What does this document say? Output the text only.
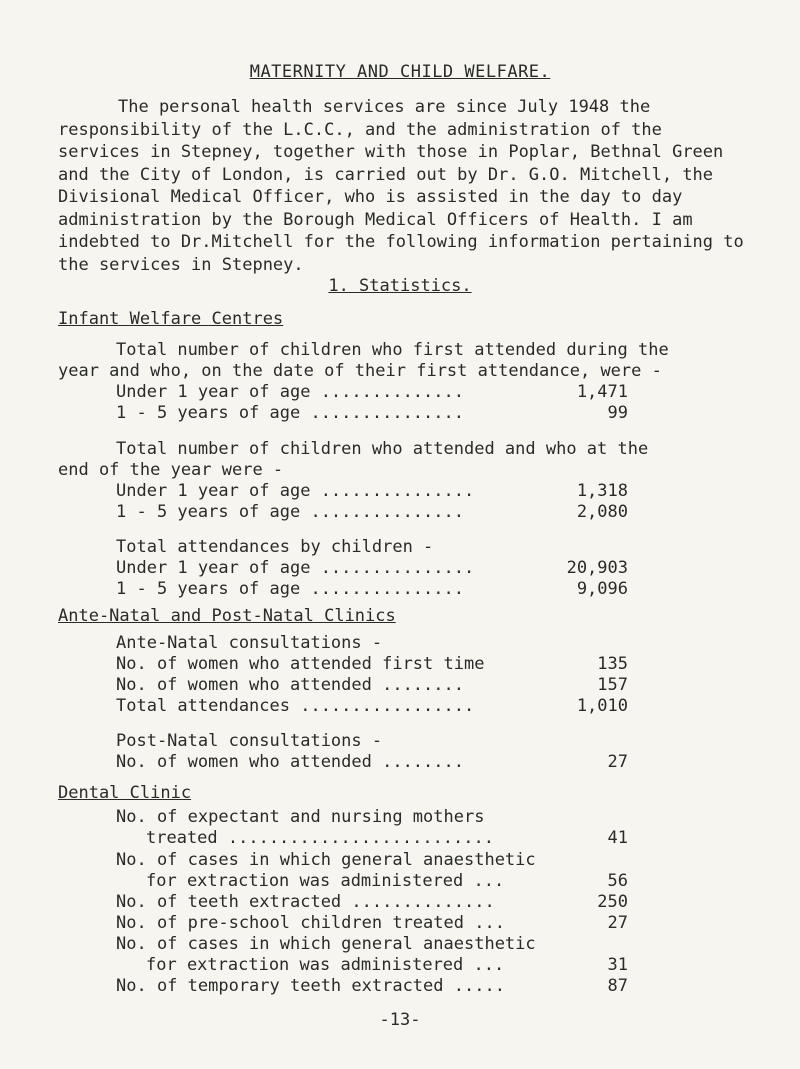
MATERNITY AND CHILD WELFARE.

The personal health services are since July 1948 the responsibility of the L.C.C., and the administration of the services in Stepney, together with those in Poplar, Bethnal Green and the City of London, is carried out by Dr. G.O. Mitchell, the Divisional Medical Officer, who is assisted in the day to day administration by the Borough Medical Officers of Health. I am indebted to Dr.Mitchell for the following information pertaining to the services in Stepney.

1. Statistics.
Infant Welfare Centres
Total number of children who first attended during the
year and who, on the date of their first attendance, were -
Under 1 year of age ..............	1,471
1 - 5 years of age ...............	99
Total number of children who attended and who at the
end of the year were -
Under 1 year of age ...............	1,318
1 - 5 years of age ...............	2,080
Total attendances by children -
Under 1 year of age ...............	20,903
1 - 5 years of age ...............	9,096
Ante-Natal and Post-Natal Clinics
Ante-Natal consultations -
No. of women who attended first time	135
No. of women who attended ........	157
Total attendances .................	1,010
Post-Natal consultations -
No. of women who attended ........	27
Dental Clinic
No. of expectant and nursing mothers
treated ..........................	41
No. of cases in which general anaesthetic
for extraction was administered ...	56
No. of teeth extracted ..............	250
No. of pre-school children treated ...	27
No. of cases in which general anaesthetic
for extraction was administered ...	31
No. of temporary teeth extracted .....	87
-13-
